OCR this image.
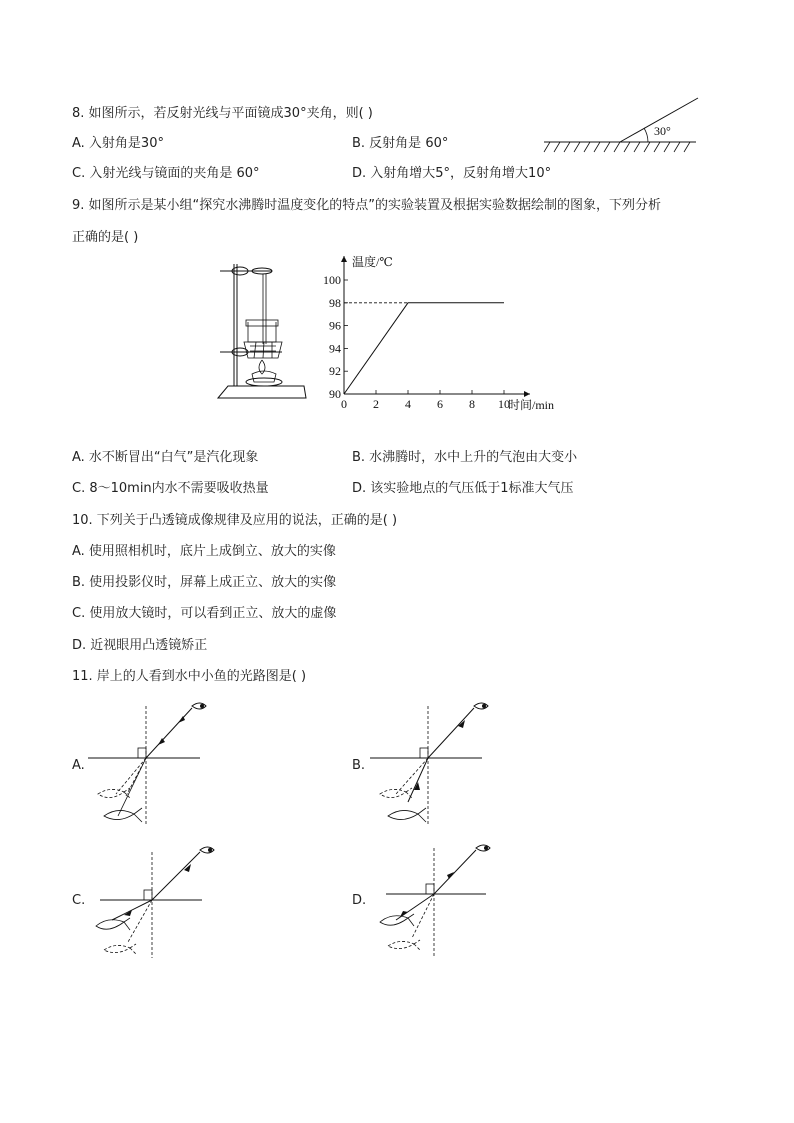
8. 如图所示，若反射光线与平面镜成30°夹角，则( )
A. 入射角是30°	B. 反射角是 60°
C. 入射光线与镜面的夹角是 60°	D. 入射角增大5°，反射角增大10°
30°
9. 如图所示是某小组“探究水沸腾时温度变化的特点”的实验装置及根据实验数据绘制的图象，下列分析
正确的是( )
90
92
94
96
98
100
0 2 4 6 8 10
温度/℃
时间/min
A. 水不断冒出“白气”是汽化现象	B. 水沸腾时，水中上升的气泡由大变小
C. 8～10min内水不需要吸收热量	D. 该实验地点的气压低于1标准大气压
10. 下列关于凸透镜成像规律及应用的说法，正确的是( )
A. 使用照相机时，底片上成倒立、放大的实像
B. 使用投影仪时，屏幕上成正立、放大的实像
C. 使用放大镜时，可以看到正立、放大的虚像
D. 近视眼用凸透镜矫正
11. 岸上的人看到水中小鱼的光路图是( )
A.	B.
C.	D.
